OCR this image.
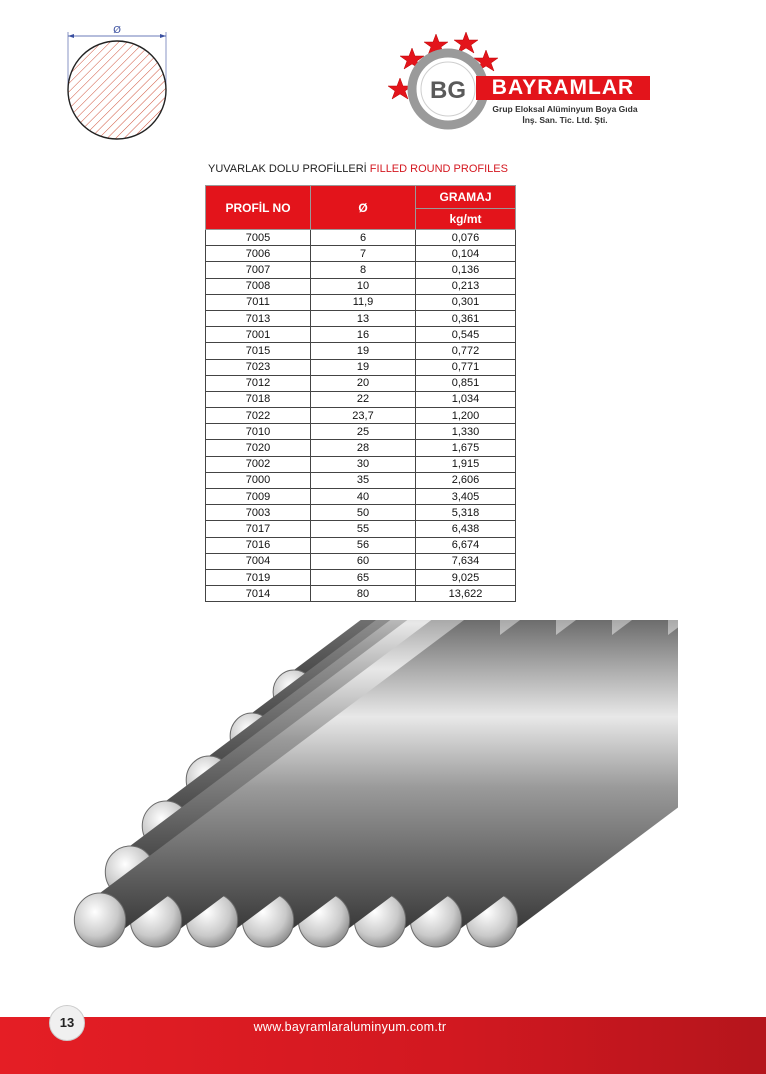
Ø
BG	BAYRAMLAR
Grup Eloksal Alüminyum Boya Gıda
İnş. San. Tic. Ltd. Şti.
YUVARLAK DOLU PROFİLLERİ FILLED ROUND PROFILES
PROFİL NO	Ø	GRAMAJ
		kg/mt
7005	6	0,076
7006	7	0,104
7007	8	0,136
7008	10	0,213
7011	11,9	0,301
7013	13	0,361
7001	16	0,545
7015	19	0,772
7023	19	0,771
7012	20	0,851
7018	22	1,034
7022	23,7	1,200
7010	25	1,330
7020	28	1,675
7002	30	1,915
7000	35	2,606
7009	40	3,405
7003	50	5,318
7017	55	6,438
7016	56	6,674
7004	60	7,634
7019	65	9,025
7014	80	13,622
13	www.bayramlaraluminyum.com.tr
